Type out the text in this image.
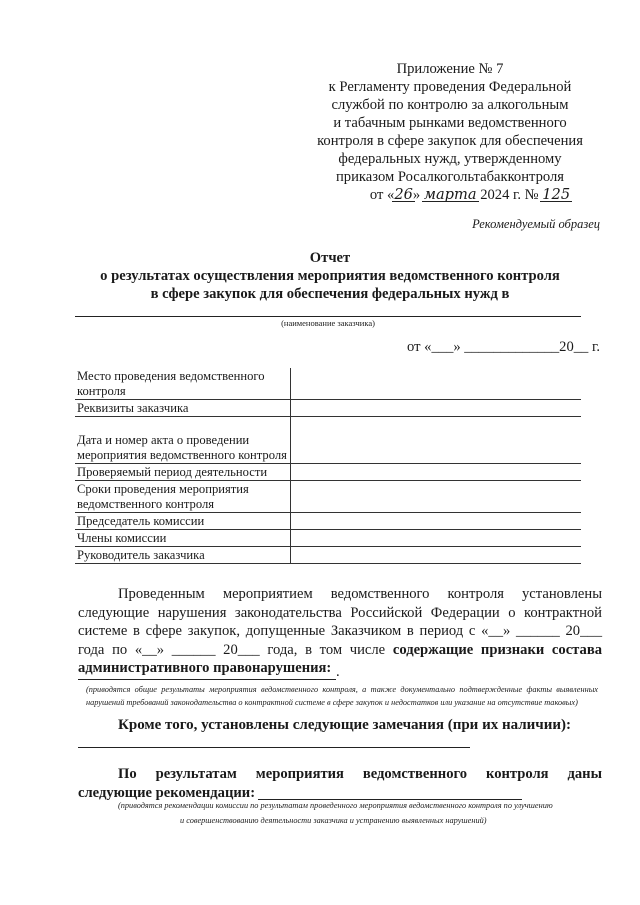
Приложение № 7
к Регламенту проведения Федеральной
службой по контролю за алкогольным
и табачным рынками ведомственного
контроля в сфере закупок для обеспечения
федеральных нужд, утвержденному
приказом Росалкогольтабакконтроля
от «26» марта 2024 г. № 125
Рекомендуемый образец
Отчет
о результатах осуществления мероприятия ведомственного контроля
в сфере закупок для обеспечения федеральных нужд в
(наименование заказчика)
от «___» _____________20__ г.
Место проведения ведомственного контроля	
Реквизиты заказчика	
Дата и номер акта о проведении мероприятия ведомственного контроля	
Проверяемый период деятельности	
Сроки проведения мероприятия ведомственного контроля	
Председатель комиссии	
Члены комиссии	
Руководитель заказчика	
Проведенным мероприятием ведомственного контроля установлены следующие нарушения законодательства Российской Федерации о контрактной системе в сфере закупок, допущенные Заказчиком в период с «__» ______ 20___ года по «__» ______ 20___ года, в том числе содержащие признаки состава административного правонарушения: .
(приводятся общие результаты мероприятия ведомственного контроля, а также документально подтвержденные факты выявленных нарушений требований законодательства о контрактной системе в сфере закупок и недостатков или указание на отсутствие таковых)
Кроме того, установлены следующие замечания (при их наличии):
По результатам мероприятия ведомственного контроля даны следующие рекомендации:
(приводятся рекомендации комиссии по результатам проведенного мероприятия ведомственного контроля по улучшению
и совершенствованию деятельности заказчика и устранению выявленных нарушений)
